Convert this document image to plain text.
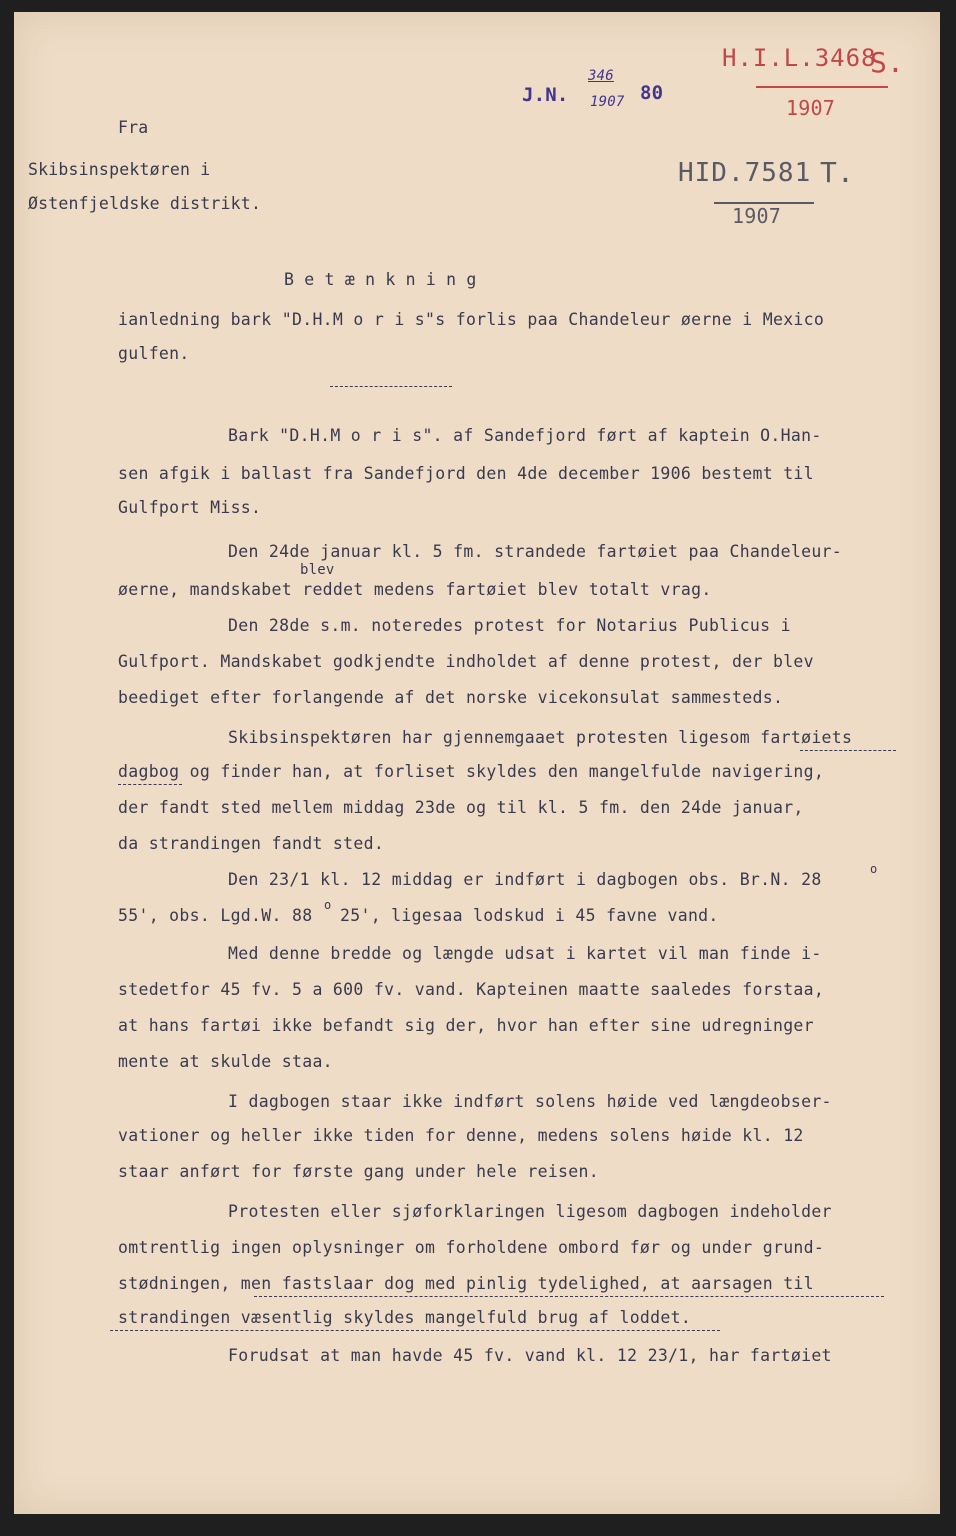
J.N.
346
1907 80
H.I.L.3468
S.
1907
HID.7581 T.
1907
Fra
Skibsinspektøren i
Østenfjeldske distrikt.
B e t æ n k n i n g
ianledning bark "D.H.M o r i s"s forlis paa Chandeleur øerne i Mexico
gulfen.
Bark "D.H.M o r i s". af Sandefjord ført af kaptein O.Han-
sen afgik i ballast fra Sandefjord den 4de december 1906 bestemt til
Gulfport Miss.
Den 24de januar kl. 5 fm. strandede fartøiet paa Chandeleur-
blev
øerne, mandskabet reddet medens fartøiet blev totalt vrag.
Den 28de s.m. noteredes protest for Notarius Publicus i
Gulfport. Mandskabet godkjendte indholdet af denne protest, der blev
beediget efter forlangende af det norske vicekonsulat sammesteds.
Skibsinspektøren har gjennemgaaet protesten ligesom fartøiets
dagbog og finder han, at forliset skyldes den mangelfulde navigering,
der fandt sted mellem middag 23de og til kl. 5 fm. den 24de januar,
da strandingen fandt sted.
Den 23/1 kl. 12 middag er indført i dagbogen obs. Br.N. 28
o
55', obs. Lgd.W. 88
o
25', ligesaa lodskud i 45 favne vand.
Med denne bredde og længde udsat i kartet vil man finde i-
stedetfor 45 fv. 5 a 600 fv. vand. Kapteinen maatte saaledes forstaa,
at hans fartøi ikke befandt sig der, hvor han efter sine udregninger
mente at skulde staa.
I dagbogen staar ikke indført solens høide ved længdeobser-
vationer og heller ikke tiden for denne, medens solens høide kl. 12
staar anført for første gang under hele reisen.
Protesten eller sjøforklaringen ligesom dagbogen indeholder
omtrentlig ingen oplysninger om forholdene ombord før og under grund-
stødningen, men fastslaar dog med pinlig tydelighed, at aarsagen til
strandingen væsentlig skyldes mangelfuld brug af loddet.
Forudsat at man havde 45 fv. vand kl. 12 23/1, har fartøiet
